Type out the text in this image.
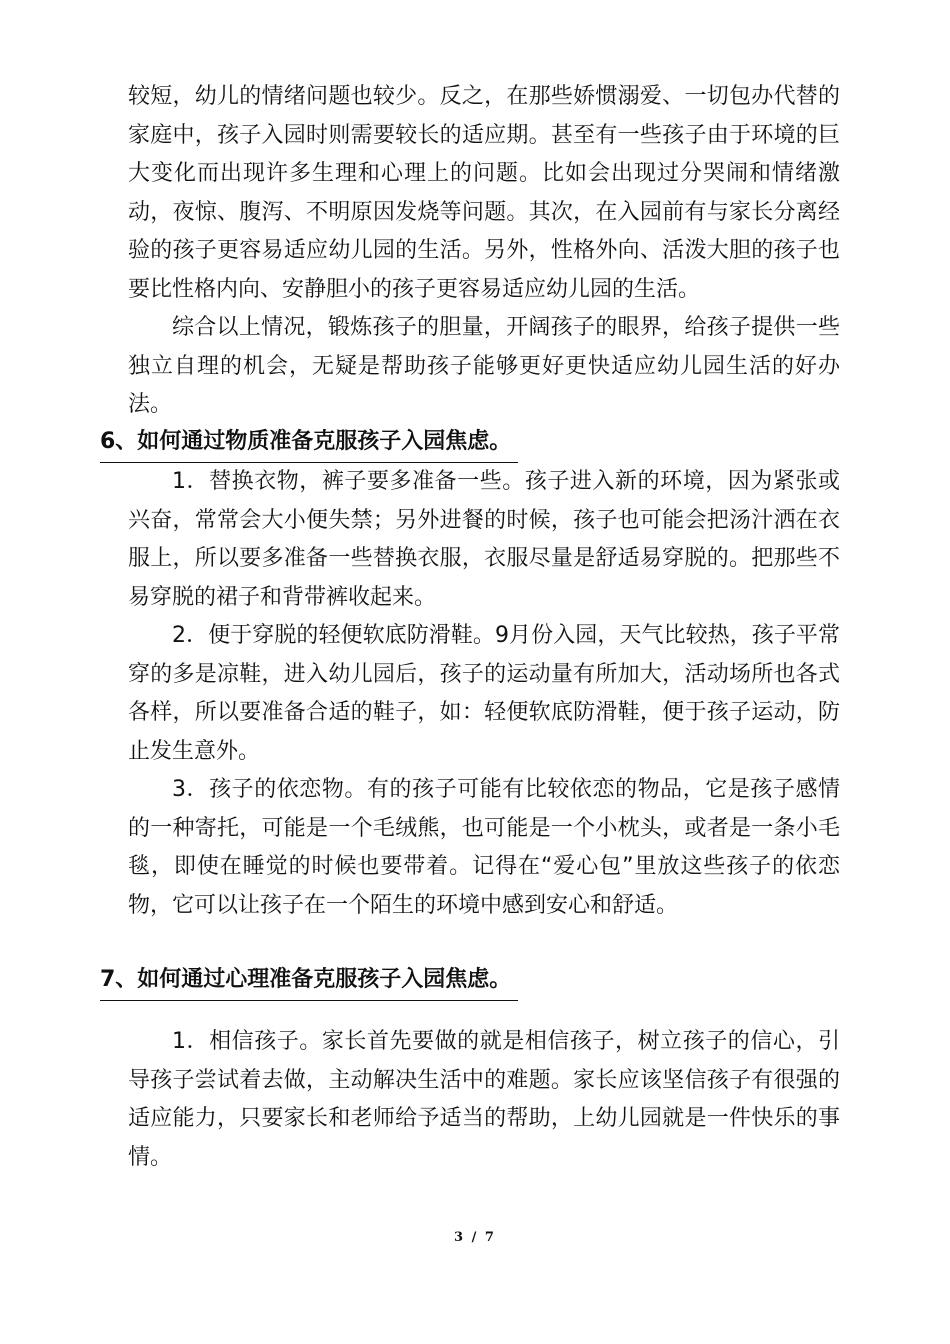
较短，幼儿的情绪问题也较少。反之，在那些娇惯溺爱、一切包办代替的家庭中，孩子入园时则需要较长的适应期。甚至有一些孩子由于环境的巨大变化而出现许多生理和心理上的问题。比如会出现过分哭闹和情绪激动，夜惊、腹泻、不明原因发烧等问题。其次，在入园前有与家长分离经验的孩子更容易适应幼儿园的生活。另外，性格外向、活泼大胆的孩子也要比性格内向、安静胆小的孩子更容易适应幼儿园的生活。

综合以上情况，锻炼孩子的胆量，开阔孩子的眼界，给孩子提供一些独立自理的机会，无疑是帮助孩子能够更好更快适应幼儿园生活的好办法。

6、如何通过物质准备克服孩子入园焦虑。

1．替换衣物，裤子要多准备一些。孩子进入新的环境，因为紧张或兴奋，常常会大小便失禁；另外进餐的时候，孩子也可能会把汤汁洒在衣服上，所以要多准备一些替换衣服，衣服尽量是舒适易穿脱的。把那些不易穿脱的裙子和背带裤收起来。

2．便于穿脱的轻便软底防滑鞋。9月份入园，天气比较热，孩子平常穿的多是凉鞋，进入幼儿园后，孩子的运动量有所加大，活动场所也各式各样，所以要准备合适的鞋子，如：轻便软底防滑鞋，便于孩子运动，防止发生意外。

3．孩子的依恋物。有的孩子可能有比较依恋的物品，它是孩子感情的一种寄托，可能是一个毛绒熊，也可能是一个小枕头，或者是一条小毛毯，即使在睡觉的时候也要带着。记得在“爱心包”里放这些孩子的依恋物，它可以让孩子在一个陌生的环境中感到安心和舒适。

7、如何通过心理准备克服孩子入园焦虑。

1．相信孩子。家长首先要做的就是相信孩子，树立孩子的信心，引导孩子尝试着去做，主动解决生活中的难题。家长应该坚信孩子有很强的适应能力，只要家长和老师给予适当的帮助，上幼儿园就是一件快乐的事情。

3 / 7
